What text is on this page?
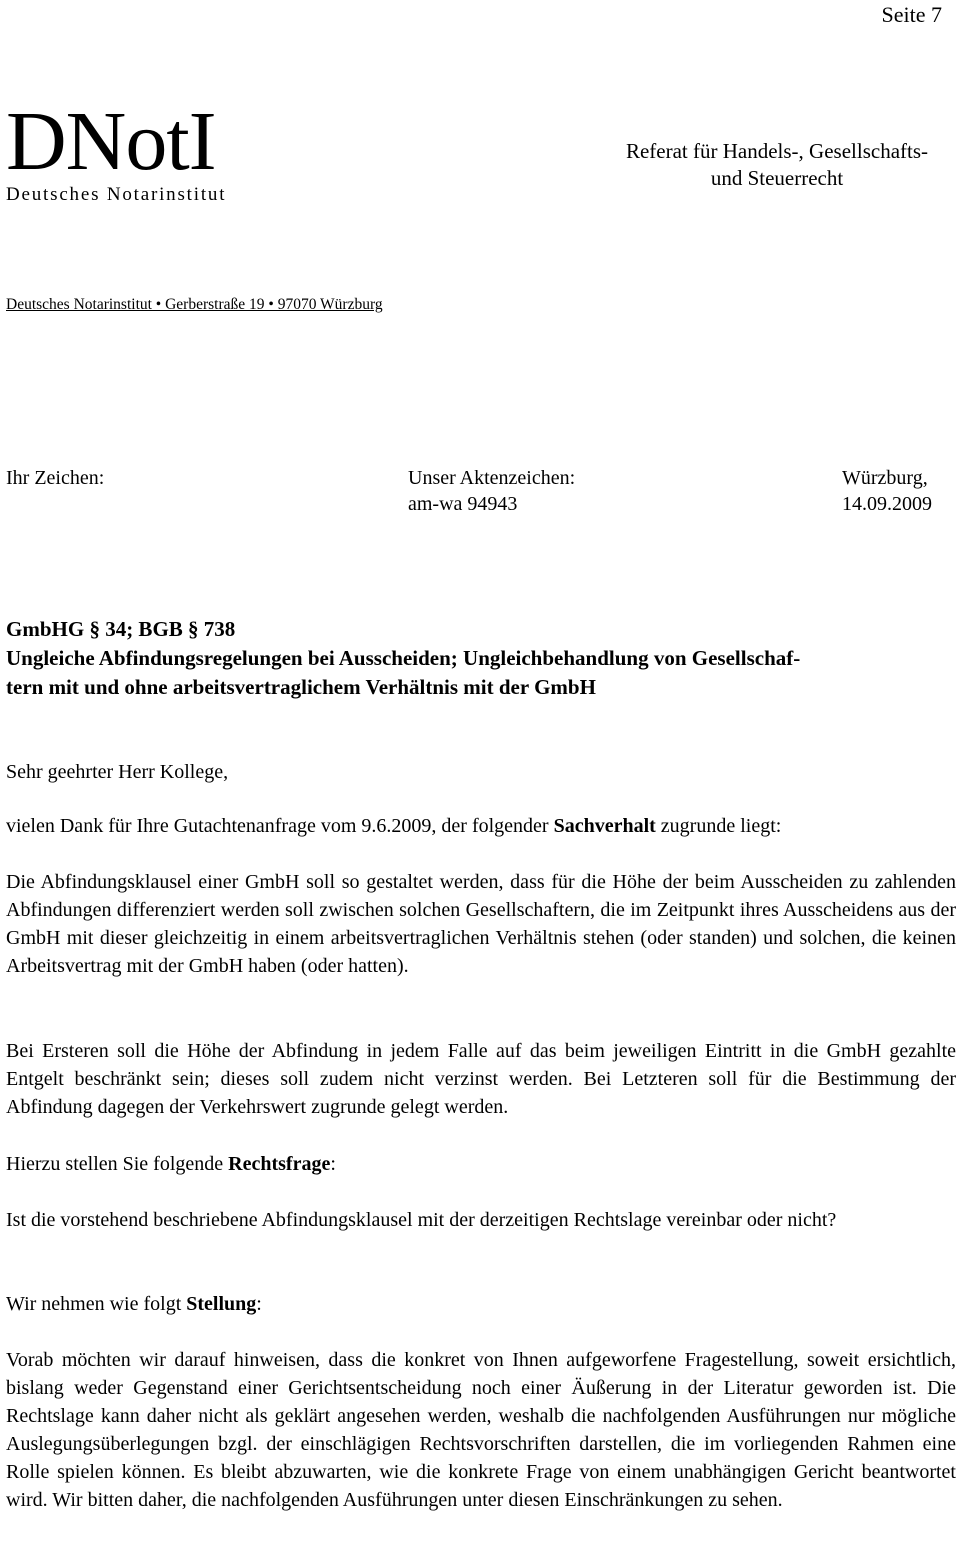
Seite 7
DNotI
Deutsches Notarinstitut
Referat für Handels-, Gesellschafts-
und Steuerrecht
Deutsches Notarinstitut • Gerberstraße 19 • 97070 Würzburg
Ihr Zeichen:	Unser Aktenzeichen:
am-wa 94943
Würzburg,
14.09.2009
GmbHG § 34; BGB § 738
Ungleiche Abfindungsregelungen bei Ausscheiden; Ungleichbehandlung von Gesellschaf-
tern mit und ohne arbeitsvertraglichem Verhältnis mit der GmbH
Sehr geehrter Herr Kollege,
vielen Dank für Ihre Gutachtenanfrage vom 9.6.2009, der folgender Sachverhalt zugrunde liegt:
Die Abfindungsklausel einer GmbH soll so gestaltet werden, dass für die Höhe der beim Ausscheiden zu zahlenden Abfindungen differenziert werden soll zwischen solchen Gesellschaftern, die im Zeitpunkt ihres Ausscheidens aus der GmbH mit dieser gleichzeitig in einem arbeitsvertraglichen Verhältnis stehen (oder standen) und solchen, die keinen Arbeitsvertrag mit der GmbH haben (oder hatten).
Bei Ersteren soll die Höhe der Abfindung in jedem Falle auf das beim jeweiligen Eintritt in die GmbH gezahlte Entgelt beschränkt sein; dieses soll zudem nicht verzinst werden. Bei Letzteren soll für die Bestimmung der Abfindung dagegen der Verkehrswert zugrunde gelegt werden.
Hierzu stellen Sie folgende Rechtsfrage:
Ist die vorstehend beschriebene Abfindungsklausel mit der derzeitigen Rechtslage vereinbar oder nicht?
Wir nehmen wie folgt Stellung:
Vorab möchten wir darauf hinweisen, dass die konkret von Ihnen aufgeworfene Fragestellung, soweit ersichtlich, bislang weder Gegenstand einer Gerichtsentscheidung noch einer Äußerung in der Literatur geworden ist. Die Rechtslage kann daher nicht als geklärt angesehen werden, weshalb die nachfolgenden Ausführungen nur mögliche Auslegungsüberlegungen bzgl. der einschlägigen Rechtsvorschriften darstellen, die im vorliegenden Rahmen eine Rolle spielen können. Es bleibt abzuwarten, wie die konkrete Frage von einem unabhängigen Gericht beantwortet wird. Wir bitten daher, die nachfolgenden Ausführungen unter diesen Einschränkungen zu sehen.
